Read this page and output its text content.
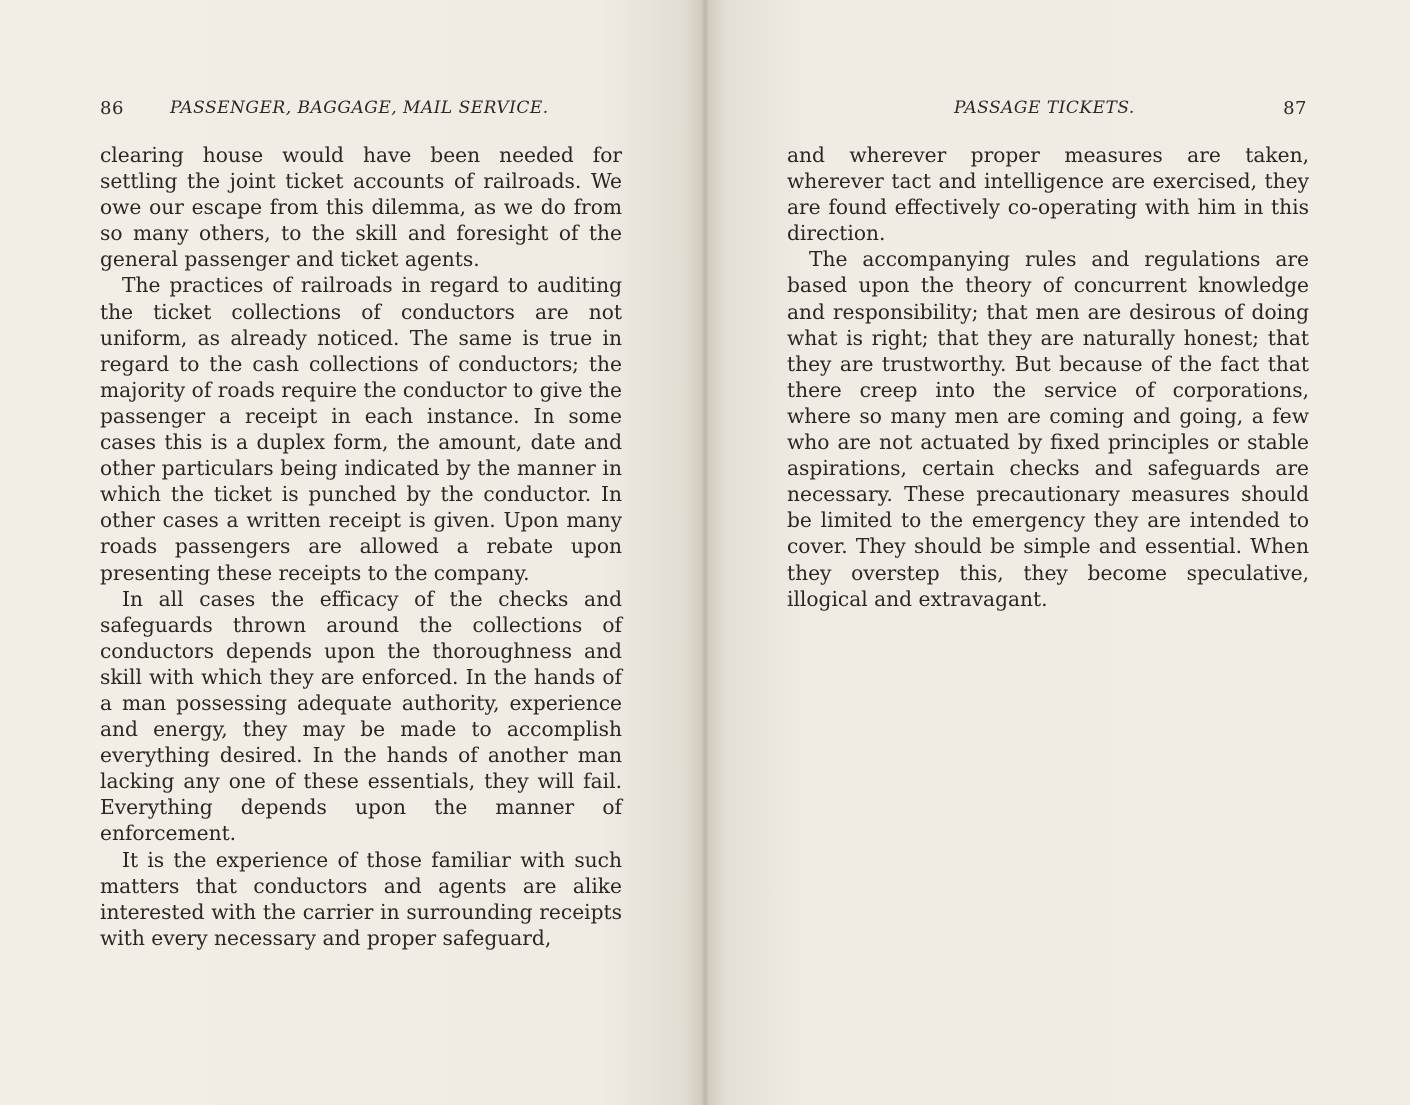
86	PASSENGER, BAGGAGE, MAIL SERVICE.

clearing house would have been needed for settling the joint ticket accounts of railroads. We owe our escape from this dilemma, as we do from so many others, to the skill and foresight of the general passenger and ticket agents.

The practices of railroads in regard to auditing the ticket collections of conductors are not uniform, as already noticed. The same is true in regard to the cash collections of conductors; the majority of roads require the conductor to give the passenger a receipt in each instance. In some cases this is a duplex form, the amount, date and other particulars being indicated by the manner in which the ticket is punched by the conductor. In other cases a written receipt is given. Upon many roads passengers are allowed a rebate upon presenting these receipts to the company.

In all cases the efficacy of the checks and safeguards thrown around the collections of conductors depends upon the thoroughness and skill with which they are enforced. In the hands of a man possessing adequate authority, experience and energy, they may be made to accomplish everything desired. In the hands of another man lacking any one of these essentials, they will fail. Everything depends upon the manner of enforcement.

It is the experience of those familiar with such matters that conductors and agents are alike interested with the carrier in surrounding receipts with every necessary and proper safeguard,

PASSAGE TICKETS.	87

and wherever proper measures are taken, wherever tact and intelligence are exercised, they are found effectively co-operating with him in this direction.

The accompanying rules and regulations are based upon the theory of concurrent knowledge and responsibility; that men are desirous of doing what is right; that they are naturally honest; that they are trustworthy. But because of the fact that there creep into the service of corporations, where so many men are coming and going, a few who are not actuated by fixed principles or stable aspirations, certain checks and safeguards are necessary. These precautionary measures should be limited to the emergency they are intended to cover. They should be simple and essential. When they overstep this, they become speculative, illogical and extravagant.
